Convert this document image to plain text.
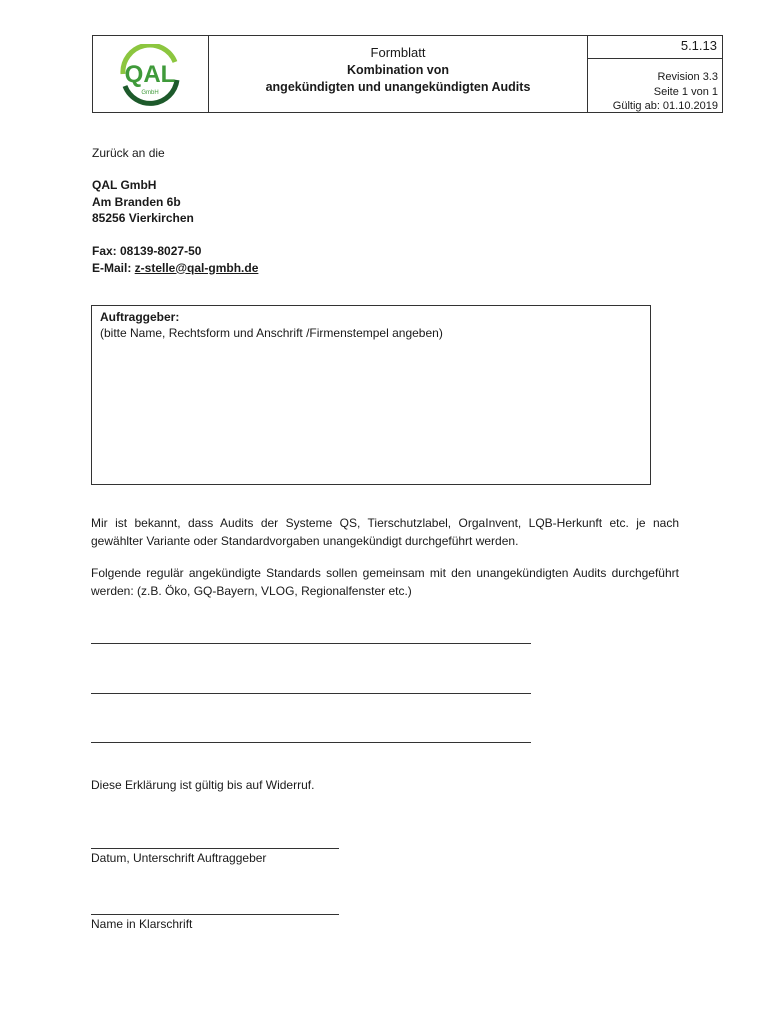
QAL
GmbH
Formblatt
Kombination von
angekündigten und unangekündigten Audits
5.1.13
Revision 3.3
Seite 1 von 1
Gültig ab: 01.10.2019
Zurück an die
QAL GmbH
Am Branden 6b
85256 Vierkirchen
Fax: 08139-8027-50
E-Mail: z-stelle@qal-gmbh.de
Auftraggeber:
(bitte Name, Rechtsform und Anschrift /Firmenstempel angeben)
Mir ist bekannt, dass Audits der Systeme QS, Tierschutzlabel, OrgaInvent, LQB-Herkunft etc. je nach gewählter Variante oder Standardvorgaben unangekündigt durchgeführt werden.
Folgende regulär angekündigte Standards sollen gemeinsam mit den unangekündigten Audits durchgeführt werden: (z.B. Öko, GQ-Bayern, VLOG, Regionalfenster etc.)
Diese Erklärung ist gültig bis auf Widerruf.
Datum, Unterschrift Auftraggeber
Name in Klarschrift
